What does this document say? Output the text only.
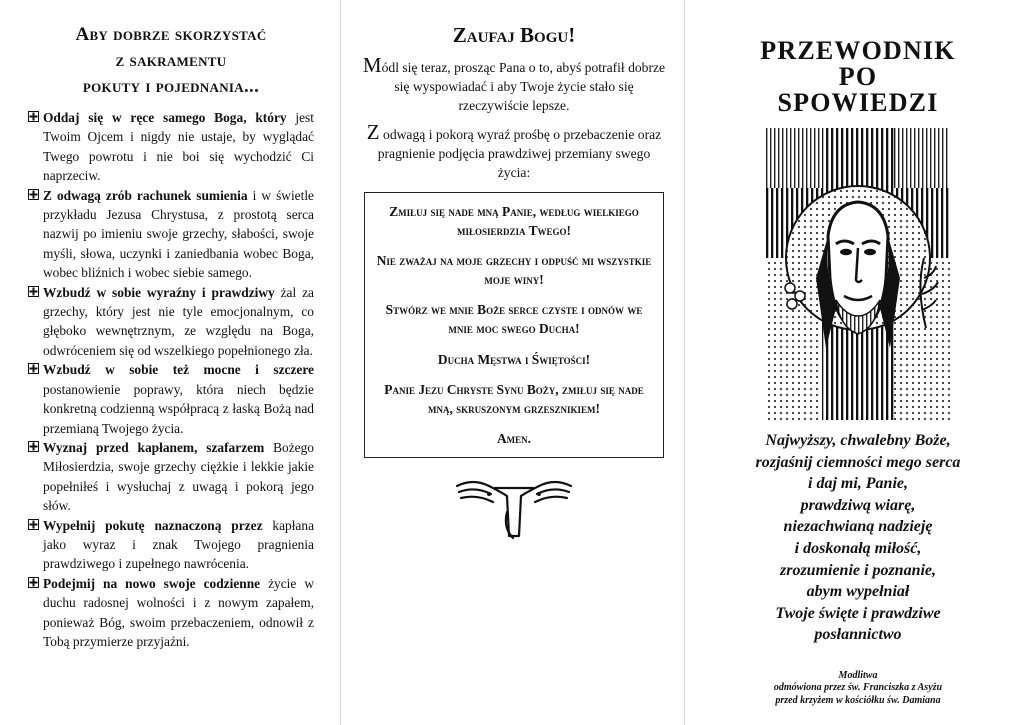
Aby dobrze skorzystać
z sakramentu
pokuty i pojednania...

Oddaj się w ręce samego Boga, który jest Twoim Ojcem i nigdy nie ustaje, by wyglądać Twego powrotu i nie boi się wychodzić Ci naprzeciw.

Z odwagą zrób rachunek sumienia i w świetle przykładu Jezusa Chrystusa, z prostotą serca nazwij po imieniu swoje grzechy, słabości, swoje myśli, słowa, uczynki i zaniedbania wobec Boga, wobec bliźnich i wobec siebie samego.

Wzbudź w sobie wyraźny i prawdziwy żal za grzechy, który jest nie tyle emocjonalnym, co głęboko wewnętrznym, ze względu na Boga, odwróceniem się od wszelkiego popełnionego zła.

Wzbudź w sobie też mocne i szczere postanowienie poprawy, która niech będzie konkretną codzienną współpracą z łaską Bożą nad przemianą Twojego życia.

Wyznaj przed kapłanem, szafarzem Bożego Miłosierdzia, swoje grzechy ciężkie i lekkie jakie popełniłeś i wysłuchaj z uwagą i pokorą jego słów.

Wypełnij pokutę naznaczoną przez kapłana jako wyraz i znak Twojego pragnienia prawdziwego i zupełnego nawrócenia.

Podejmij na nowo swoje codzienne życie w duchu radosnej wolności i z nowym zapałem, ponieważ Bóg, swoim przebaczeniem, odnowił z Tobą przymierze przyjaźni.

Zaufaj Bogu!

Módl się teraz, prosząc Pana o to, abyś potrafił dobrze się wyspowiadać i aby Twoje życie stało się rzeczywiście lepsze.

Z odwagą i pokorą wyraź prośbę o przebaczenie oraz pragnienie podjęcia prawdziwej przemiany swego życia:

Zmiłuj się nade mną Panie, według wielkiego miłosierdzia Twego!

Nie zważaj na moje grzechy i odpuść mi wszystkie moje winy!

Stwórz we mnie Boże serce czyste i odnów we mnie moc swego Ducha!

Ducha Męstwa i Świętości!

Panie Jezu Chryste Synu Boży, zmiłuj się nade mną, skruszonym grzesznikiem!

Amen.

PRZEWODNIK
PO
SPOWIEDZI
Najwyższy, chwalebny Boże,
rozjaśnij ciemności mego serca
i daj mi, Panie,
prawdziwą wiarę,
niezachwianą nadzieję
i doskonałą miłość,
zrozumienie i poznanie,
abym wypełniał
Twoje święte i prawdziwe
posłannictwo
Modlitwa
odmówiona przez św. Franciszka z Asyżu
przed krzyżem w kościółku św. Damiana
